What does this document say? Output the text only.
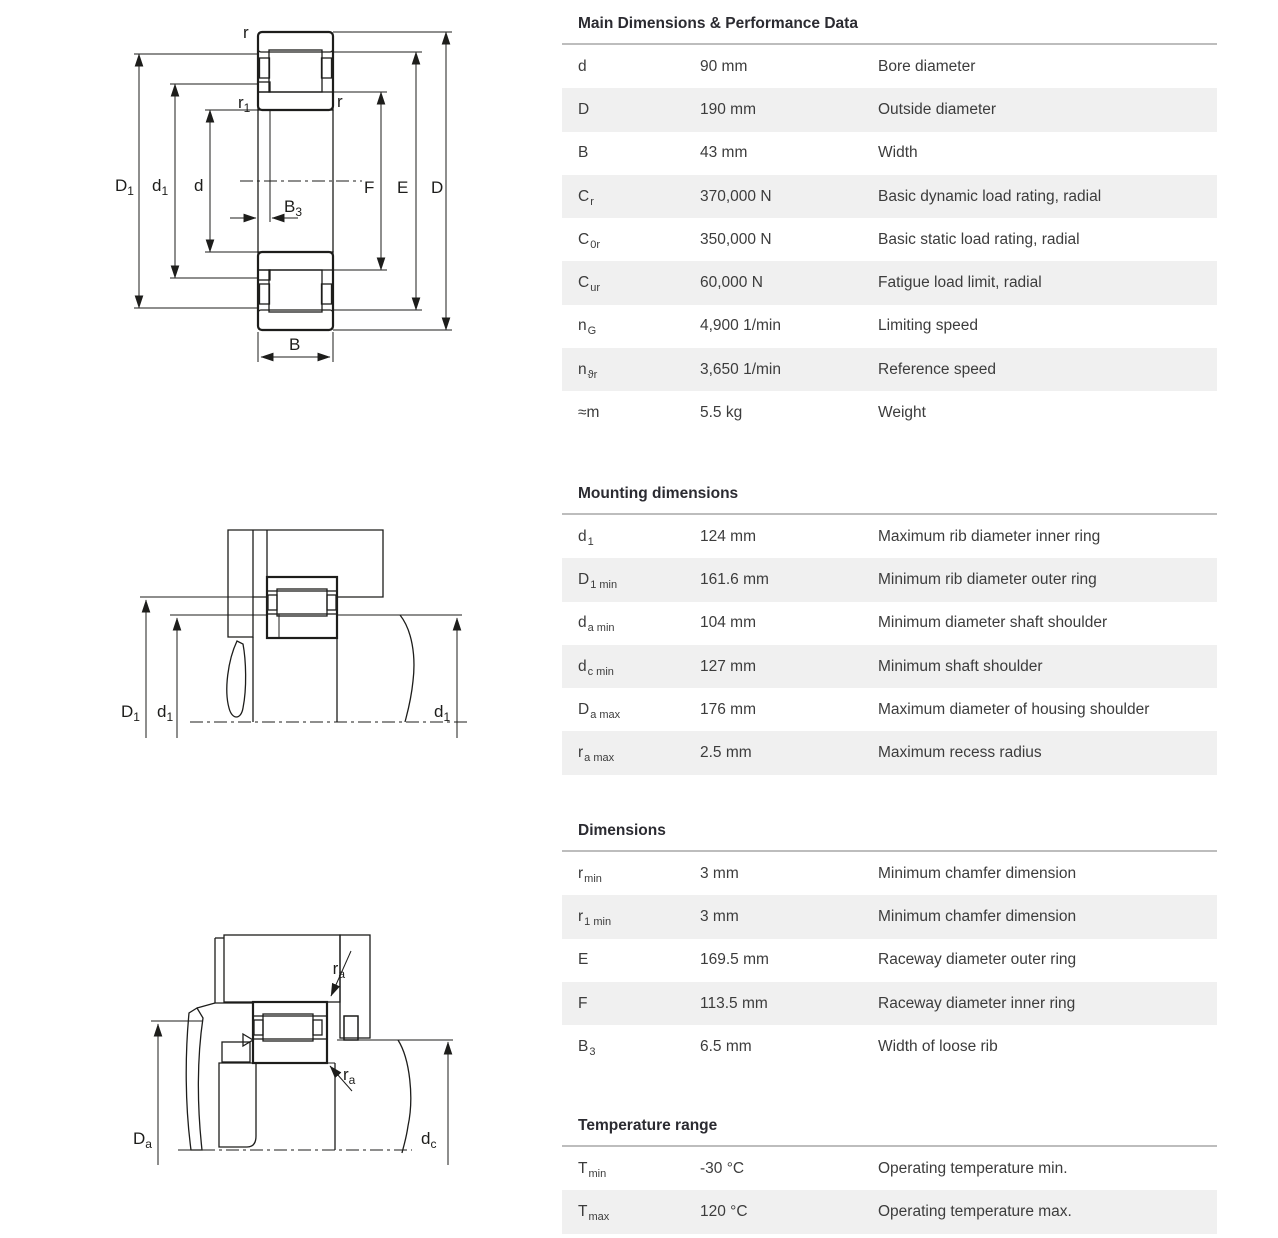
r
$r_1$	r
$D_1$ $d_1$ d
$B_3$
F E D
B
$D_1$ $d_1$	$d_1$
$r_a$
$r_a$
$D_a$	$d_c$
Main Dimensions & Performance Data
d	90 mm	Bore diameter
D	190 mm	Outside diameter
B	43 mm	Width
$C_r$	370,000 N	Basic dynamic load rating, radial
$C_{0r}$	350,000 N	Basic static load rating, radial
$C_{ur}$	60,000 N	Fatigue load limit, radial
$n_G$	4,900 1/min	Limiting speed
$n_{ϑr}$	3,650 1/min	Reference speed
≈m	5.5 kg	Weight
Mounting dimensions
$d_1$	124 mm	Maximum rib diameter inner ring
$D_{1 min}$	161.6 mm	Minimum rib diameter outer ring
$d_{a min}$	104 mm	Minimum diameter shaft shoulder
$d_{c min}$	127 mm	Minimum shaft shoulder
$D_{a max}$	176 mm	Maximum diameter of housing shoulder
$r_{a max}$	2.5 mm	Maximum recess radius
Dimensions
$r_{min}$	3 mm	Minimum chamfer dimension
$r_{1 min}$	3 mm	Minimum chamfer dimension
E	169.5 mm	Raceway diameter outer ring
F	113.5 mm	Raceway diameter inner ring
$B_3$	6.5 mm	Width of loose rib
Temperature range
$T_{min}$	-30 °C	Operating temperature min.
$T_{max}$	120 °C	Operating temperature max.
